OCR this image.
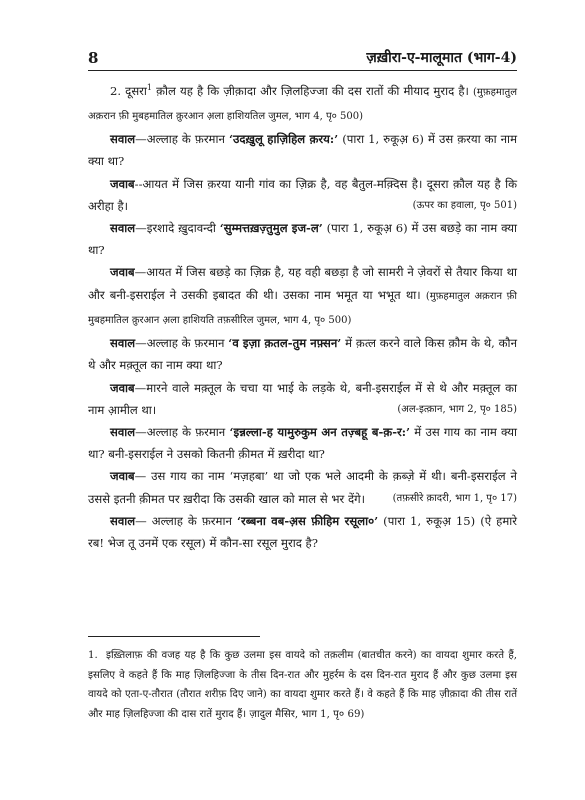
8	ज़ख़ीरा-ए-मालूमात (भाग-4)

2. दूसरा$^1$ क़ौल यह है कि ज़ीक़ादा और ज़िलहिज्जा की दस रातों की मीयाद मुराद है। (मुफ़हमातुल अक़रान फ़ी मुबहमातिल क़ुरआन अ़ला हाशियतिल जुमल, भाग 4, पृ० 500)

सवाल—अल्लाह के फ़रमान ‘उदख़ुलू हाज़िहिल क़रय:’ (पारा 1, रुकूअ़ 6) में उस क़रया का नाम क्या था?

जवाब--आयत में जिस क़रया यानी गांव का ज़िक्र है, वह बैतुल-मक़्दिस है। दूसरा क़ौल यह है कि अरीहा है।	(ऊपर का हवाला, पृ० 501)

सवाल—इरशादे ख़ुदावन्दी ‘सुम्मत्तख़ज़्तुमुल इज-ल’ (पारा 1, रुकूअ़ 6) में उस बछड़े का नाम क्या था?

जवाब—आयत में जिस बछड़े का ज़िक्र है, यह वही बछड़ा है जो सामरी ने ज़ेवरों से तैयार किया था और बनी-इसराईल ने उसकी इबादत की थी। उसका नाम भमूत या भभूत था। (मुफ़हमातुल अक़रान फ़ी मुबहमातिल क़ुरआन अ़ला हाशियति तफ़सीरिल जुमल, भाग 4, पृ० 500)

सवाल—अल्लाह के फ़रमान ‘व इज़ा क़तल-तुम नफ़्सन’ में क़त्ल करने वाले किस क़ौम के थे, कौन थे और मक़्तूल का नाम क्या था?

जवाब—मारने वाले मक़्तूल के चचा या भाई के लड़के थे, बनी-इसराईल में से थे और मक़्तूल का नाम आ़मील था।	(अल-इत्क़ान, भाग 2, पृ० 185)

सवाल—अल्लाह के फ़रमान ‘इन्नल्ला-ह यामुरुकुम अन तज़्बहू ब-क़-र:’ में उस गाय का नाम क्या था? बनी-इसराईल ने उसको कितनी क़ीमत में ख़रीदा था?

जवाब— उस गाय का नाम ‘मज़हबा’ था जो एक भले आदमी के क़ब्ज़े में थी। बनी-इसराईल ने उससे इतनी क़ीमत पर ख़रीदा कि उसकी खाल को माल से भर देंगे।	(तफ़सीरे क़ादरी, भाग 1, पृ० 17)

सवाल— अल्लाह के फ़रमान ‘रब्बना वब-अ़स फ़ीहिम रसूला०’ (पारा 1, रुकूअ़ 15) (ऐ हमारे रब! भेज तू उनमें एक रसूल) में कौन-सा रसूल मुराद है?

1. इख़्तिलाफ़ की वजह यह है कि कुछ उलमा इस वायदे को तक़लीम (बातचीत करने) का वायदा शुमार करते हैं, इसलिए वे कहते हैं कि माह ज़िलहिज्जा के तीस दिन-रात और मुहर्रम के दस दिन-रात मुराद हैं और कुछ उलमा इस वायदे को एता-ए-तौरात (तौरात शरीफ़ दिए जाने) का वायदा शुमार करते हैं। वे कहते हैं कि माह ज़ीक़ादा की तीस रातें और माह ज़िलहिज्जा की दास रातें मुराद हैं। ज़ादुल मैसिर, भाग 1, पृ० 69)
